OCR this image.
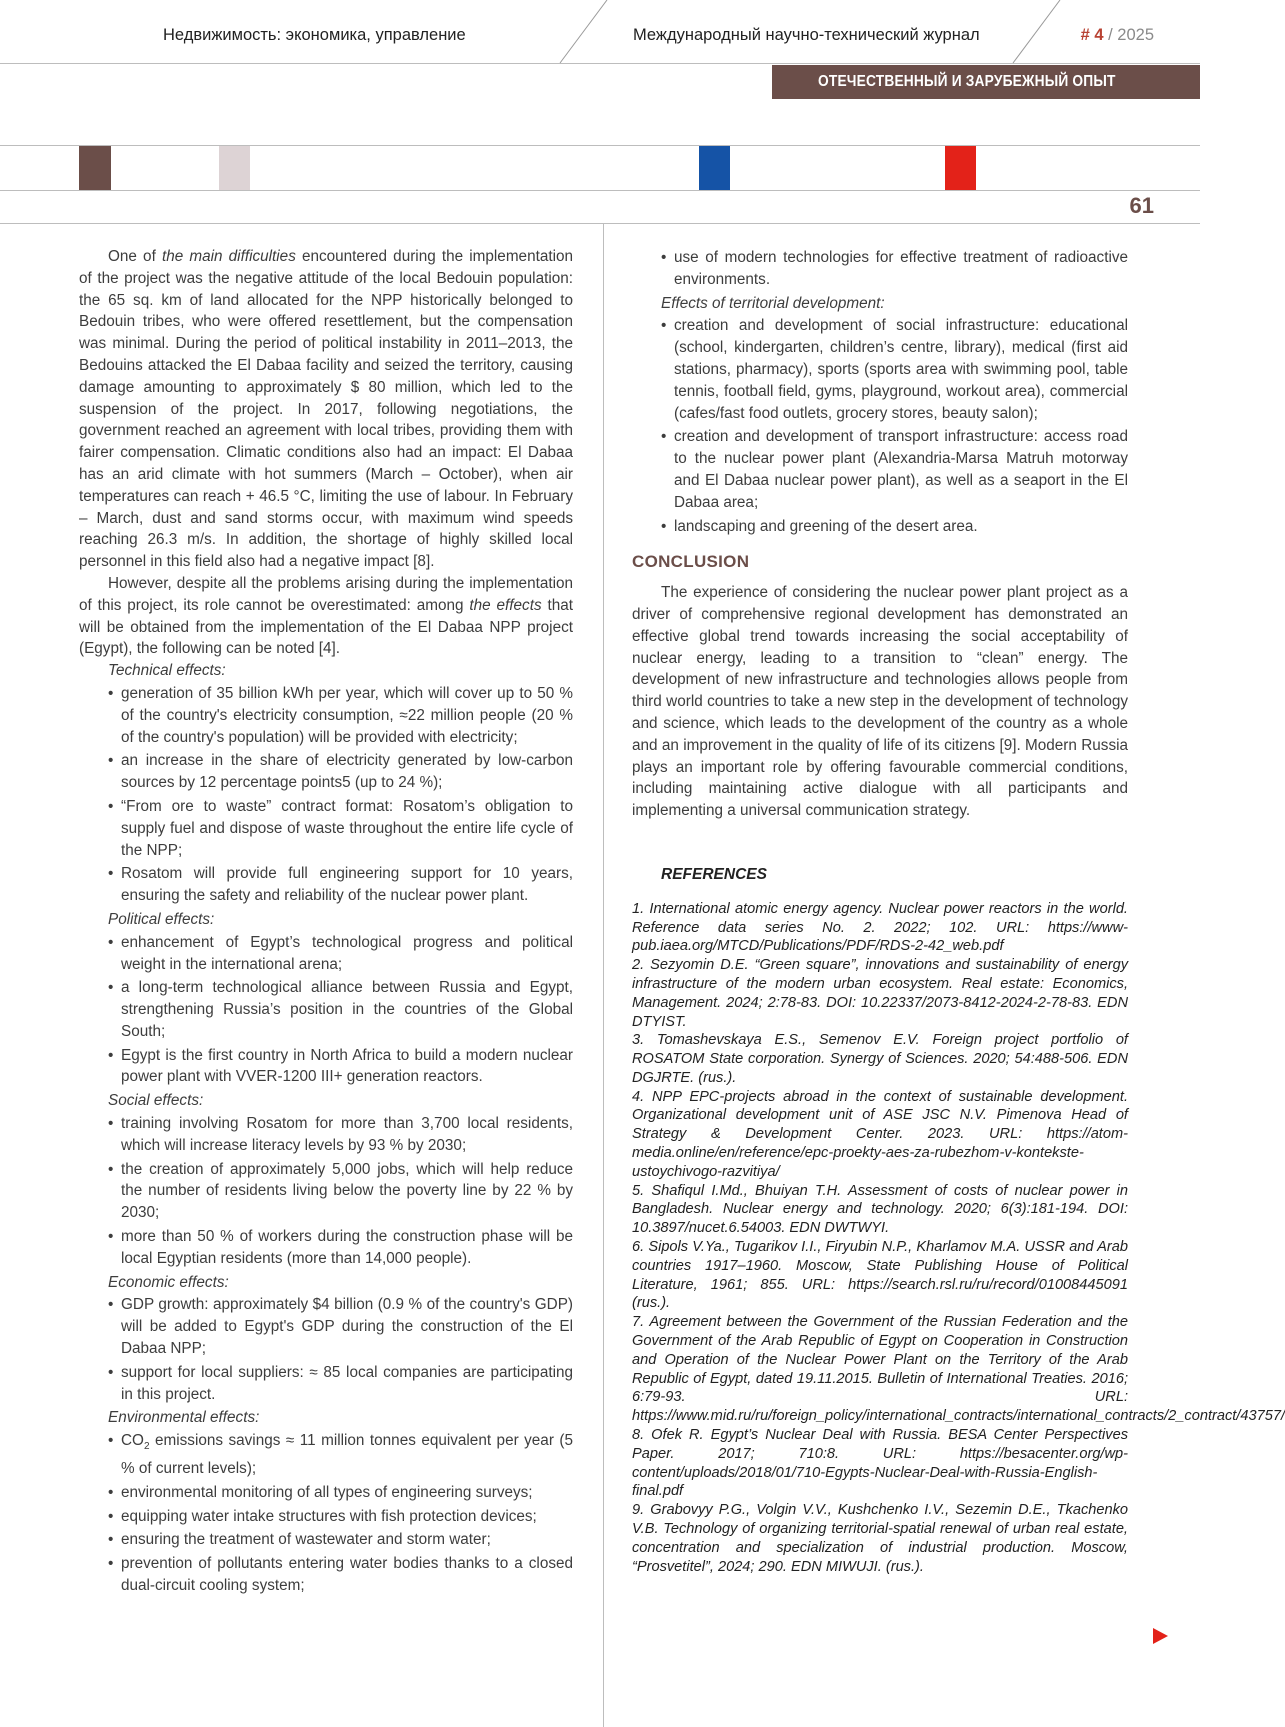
Недвижимость: экономика, управление	Международный научно-технический журнал	# 4 / 2025
ОТЕЧЕСТВЕННЫЙ И ЗАРУБЕЖНЫЙ ОПЫТ
61

One of the main difficulties encountered during the implementation of the project was the negative attitude of the local Bedouin population: the 65 sq. km of land allocated for the NPP historically belonged to Bedouin tribes, who were offered resettlement, but the compensation was minimal. During the period of political instability in 2011–2013, the Bedouins attacked the El Dabaa facility and seized the territory, causing damage amounting to approximately $ 80 million, which led to the suspension of the project. In 2017, following negotiations, the government reached an agreement with local tribes, providing them with fairer compensation. Climatic conditions also had an impact: El Dabaa has an arid climate with hot summers (March – October), when air temperatures can reach + 46.5 °C, limiting the use of labour. In February – March, dust and sand storms occur, with maximum wind speeds reaching 26.3 m/s. In addition, the shortage of highly skilled local personnel in this field also had a negative impact [8].

However, despite all the problems arising during the implementation of this project, its role cannot be overestimated: among the effects that will be obtained from the implementation of the El Dabaa NPP project (Egypt), the following can be noted [4].

Technical effects:

• generation of 35 billion kWh per year, which will cover up to 50 % of the country's electricity consumption, ≈22 million people (20 % of the country's population) will be provided with electricity;
• an increase in the share of electricity generated by low-carbon sources by 12 percentage points5 (up to 24 %);
• “From ore to waste” contract format: Rosatom’s obligation to supply fuel and dispose of waste throughout the entire life cycle of the NPP;
• Rosatom will provide full engineering support for 10 years, ensuring the safety and reliability of the nuclear power plant.

Political effects:

• enhancement of Egypt’s technological progress and political weight in the international arena;
• a long-term technological alliance between Russia and Egypt, strengthening Russia’s position in the countries of the Global South;
• Egypt is the first country in North Africa to build a modern nuclear power plant with VVER-1200 III+ generation reactors.

Social effects:

• training involving Rosatom for more than 3,700 local residents, which will increase literacy levels by 93 % by 2030;
• the creation of approximately 5,000 jobs, which will help reduce the number of residents living below the poverty line by 22 % by 2030;
• more than 50 % of workers during the construction phase will be local Egyptian residents (more than 14,000 people).

Economic effects:

• GDP growth: approximately $4 billion (0.9 % of the country's GDP) will be added to Egypt's GDP during the construction of the El Dabaa NPP;
• support for local suppliers: ≈ 85 local companies are participating in this project.

Environmental effects:

• $CO_2$ emissions savings ≈ 11 million tonnes equivalent per year (5 % of current levels);
• environmental monitoring of all types of engineering surveys;
• equipping water intake structures with fish protection devices;
• ensuring the treatment of wastewater and storm water;
• prevention of pollutants entering water bodies thanks to a closed dual-circuit cooling system;
• use of modern technologies for effective treatment of radioactive environments.

Effects of territorial development:

• creation and development of social infrastructure: educational (school, kindergarten, children’s centre, library), medical (first aid stations, pharmacy), sports (sports area with swimming pool, table tennis, football field, gyms, playground, workout area), commercial (cafes/fast food outlets, grocery stores, beauty salon);
• creation and development of transport infrastructure: access road to the nuclear power plant (Alexandria-Marsa Matruh motorway and El Dabaa nuclear power plant), as well as a seaport in the El Dabaa area;
• landscaping and greening of the desert area.
CONCLUSION

The experience of considering the nuclear power plant project as a driver of comprehensive regional development has demonstrated an effective global trend towards increasing the social acceptability of nuclear energy, leading to a transition to “clean” energy. The development of new infrastructure and technologies allows people from third world countries to take a new step in the development of technology and science, which leads to the development of the country as a whole and an improvement in the quality of life of its citizens [9]. Modern Russia plays an important role by offering favourable commercial conditions, including maintaining active dialogue with all participants and implementing a universal communication strategy.

REFERENCES
1. International atomic energy agency. Nuclear power reactors in the world. Reference data series No. 2. 2022; 102. URL: https://www-pub.iaea.org/MTCD/Publications/PDF/RDS-2-42_web.pdf
2. Sezyomin D.E. “Green square”, innovations and sustainability of energy infrastructure of the modern urban ecosystem. Real estate: Economics, Management. 2024; 2:78-83. DOI: 10.22337/2073-8412-2024-2-78-83. EDN DTYIST.
3. Tomashevskaya E.S., Semenov E.V. Foreign project portfolio of ROSATOM State corporation. Synergy of Sciences. 2020; 54:488-506. EDN DGJRTE. (rus.).
4. NPP EPC-projects abroad in the context of sustainable development. Organizational development unit of ASE JSC N.V. Pimenova Head of Strategy & Development Center. 2023. URL: https://atom-media.online/en/reference/epc-proekty-aes-za-rubezhom-v-kontekste-ustoychivogo-razvitiya/
5. Shafiqul I.Md., Bhuiyan T.H. Assessment of costs of nuclear power in Bangladesh. Nuclear energy and technology. 2020; 6(3):181-194. DOI: 10.3897/nucet.6.54003. EDN DWTWYI.
6. Sipols V.Ya., Tugarikov I.I., Firyubin N.P., Kharlamov M.A. USSR and Arab countries 1917–1960. Moscow, State Publishing House of Political Literature, 1961; 855. URL: https://search.rsl.ru/ru/record/01008445091 (rus.).
7. Agreement between the Government of the Russian Federation and the Government of the Arab Republic of Egypt on Cooperation in Construction and Operation of the Nuclear Power Plant on the Territory of the Arab Republic of Egypt, dated 19.11.2015. Bulletin of International Treaties. 2016; 6:79-93. URL: https://www.mid.ru/ru/foreign_policy/international_contracts/international_contracts/2_contract/43757/
8. Ofek R. Egypt’s Nuclear Deal with Russia. BESA Center Perspectives Paper. 2017; 710:8. URL: https://besacenter.org/wp-content/uploads/2018/01/710-Egypts-Nuclear-Deal-with-Russia-English-final.pdf
9. Grabovyy P.G., Volgin V.V., Kushchenko I.V., Sezemin D.E., Tkachenko V.B. Technology of organizing territorial-spatial renewal of urban real estate, concentration and specialization of industrial production. Moscow, “Prosvetitel”, 2024; 290. EDN MIWUJI. (rus.).
